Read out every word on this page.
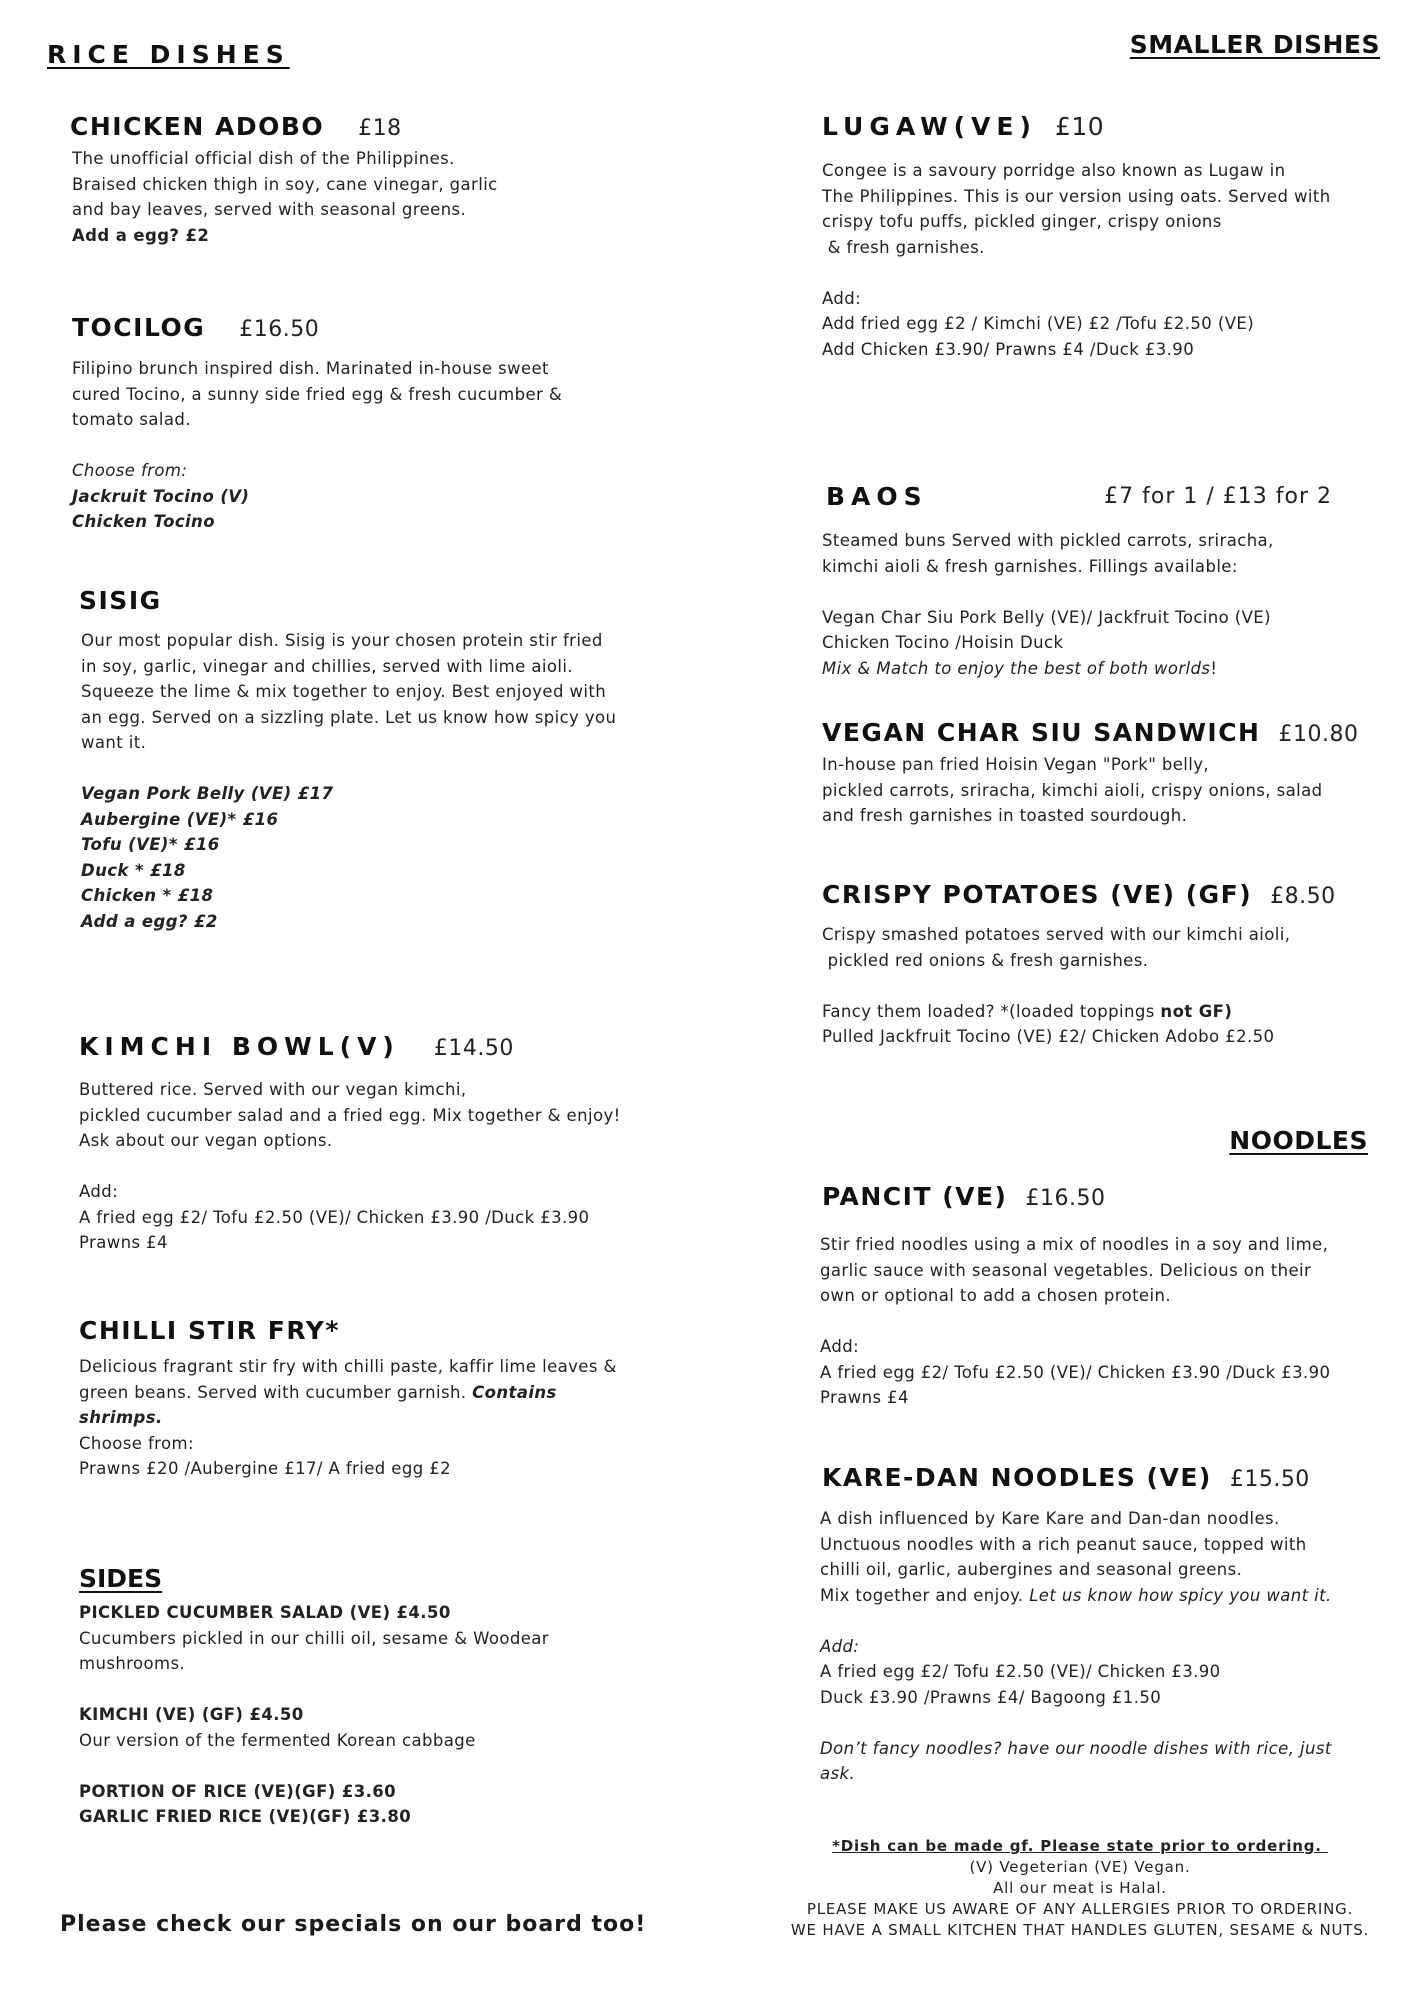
RICE DISHES
CHICKEN ADOBO £18

The unofficial official dish of the Philippines.

Braised chicken thigh in soy, cane vinegar, garlic

and bay leaves, served with seasonal greens.

Add a egg? £2

TOCILOG £16.50

Filipino brunch inspired dish. Marinated in-house sweet

cured Tocino, a sunny side fried egg & fresh cucumber &

tomato salad.

Choose from:

Jackruit Tocino (V)

Chicken Tocino

SISIG

Our most popular dish. Sisig is your chosen protein stir fried

in soy, garlic, vinegar and chillies, served with lime aioli.

Squeeze the lime & mix together to enjoy. Best enjoyed with

an egg. Served on a sizzling plate. Let us know how spicy you

want it.

Vegan Pork Belly (VE) £17

Aubergine (VE)* £16

Tofu (VE)* £16

Duck * £18

Chicken * £18

Add a egg? £2

KIMCHI BOWL(V) £14.50

Buttered rice. Served with our vegan kimchi,

pickled cucumber salad and a fried egg. Mix together & enjoy!

Ask about our vegan options.

Add:

A fried egg £2/ Tofu £2.50 (VE)/ Chicken £3.90 /Duck £3.90

Prawns £4

CHILLI STIR FRY*

Delicious fragrant stir fry with chilli paste, kaffir lime leaves &

green beans. Served with cucumber garnish. Contains

shrimps.

Choose from:

Prawns £20 /Aubergine £17/ A fried egg £2

SIDES

PICKLED CUCUMBER SALAD (VE) £4.50

Cucumbers pickled in our chilli oil, sesame & Woodear

mushrooms.

KIMCHI (VE) (GF) £4.50

Our version of the fermented Korean cabbage

PORTION OF RICE (VE)(GF) £3.60

GARLIC FRIED RICE (VE)(GF) £3.80

Please check our specials on our board too!
SMALLER DISHES
LUGAW(VE) £10

Congee is a savoury porridge also known as Lugaw in

The Philippines. This is our version using oats. Served with

crispy tofu puffs, pickled ginger, crispy onions

& fresh garnishes.

Add:

Add fried egg £2 / Kimchi (VE) £2 /Tofu £2.50 (VE)

Add Chicken £3.90/ Prawns £4 /Duck £3.90

BAOS	£7 for 1 / £13 for 2

Steamed buns Served with pickled carrots, sriracha,

kimchi aioli & fresh garnishes. Fillings available:

Vegan Char Siu Pork Belly (VE)/ Jackfruit Tocino (VE)

Chicken Tocino /Hoisin Duck

Mix & Match to enjoy the best of both worlds!

VEGAN CHAR SIU SANDWICH £10.80

In-house pan fried Hoisin Vegan "Pork" belly,

pickled carrots, sriracha, kimchi aioli, crispy onions, salad

and fresh garnishes in toasted sourdough.

CRISPY POTATOES (VE) (GF) £8.50

Crispy smashed potatoes served with our kimchi aioli,

pickled red onions & fresh garnishes.

Fancy them loaded? *(loaded toppings not GF)

Pulled Jackfruit Tocino (VE) £2/ Chicken Adobo £2.50

NOODLES
PANCIT (VE) £16.50

Stir fried noodles using a mix of noodles in a soy and lime,

garlic sauce with seasonal vegetables. Delicious on their

own or optional to add a chosen protein.

Add:

A fried egg £2/ Tofu £2.50 (VE)/ Chicken £3.90 /Duck £3.90

Prawns £4

KARE-DAN NOODLES (VE) £15.50

A dish influenced by Kare Kare and Dan-dan noodles.

Unctuous noodles with a rich peanut sauce, topped with

chilli oil, garlic, aubergines and seasonal greens.

Mix together and enjoy. Let us know how spicy you want it.

Add:

A fried egg £2/ Tofu £2.50 (VE)/ Chicken £3.90

Duck £3.90 /Prawns £4/ Bagoong £1.50

Don’t fancy noodles? have our noodle dishes with rice, just

ask.

*Dish can be made gf. Please state prior to ordering.
(V) Vegeterian (VE) Vegan.
All our meat is Halal.
PLEASE MAKE US AWARE OF ANY ALLERGIES PRIOR TO ORDERING.
WE HAVE A SMALL KITCHEN THAT HANDLES GLUTEN, SESAME & NUTS.
